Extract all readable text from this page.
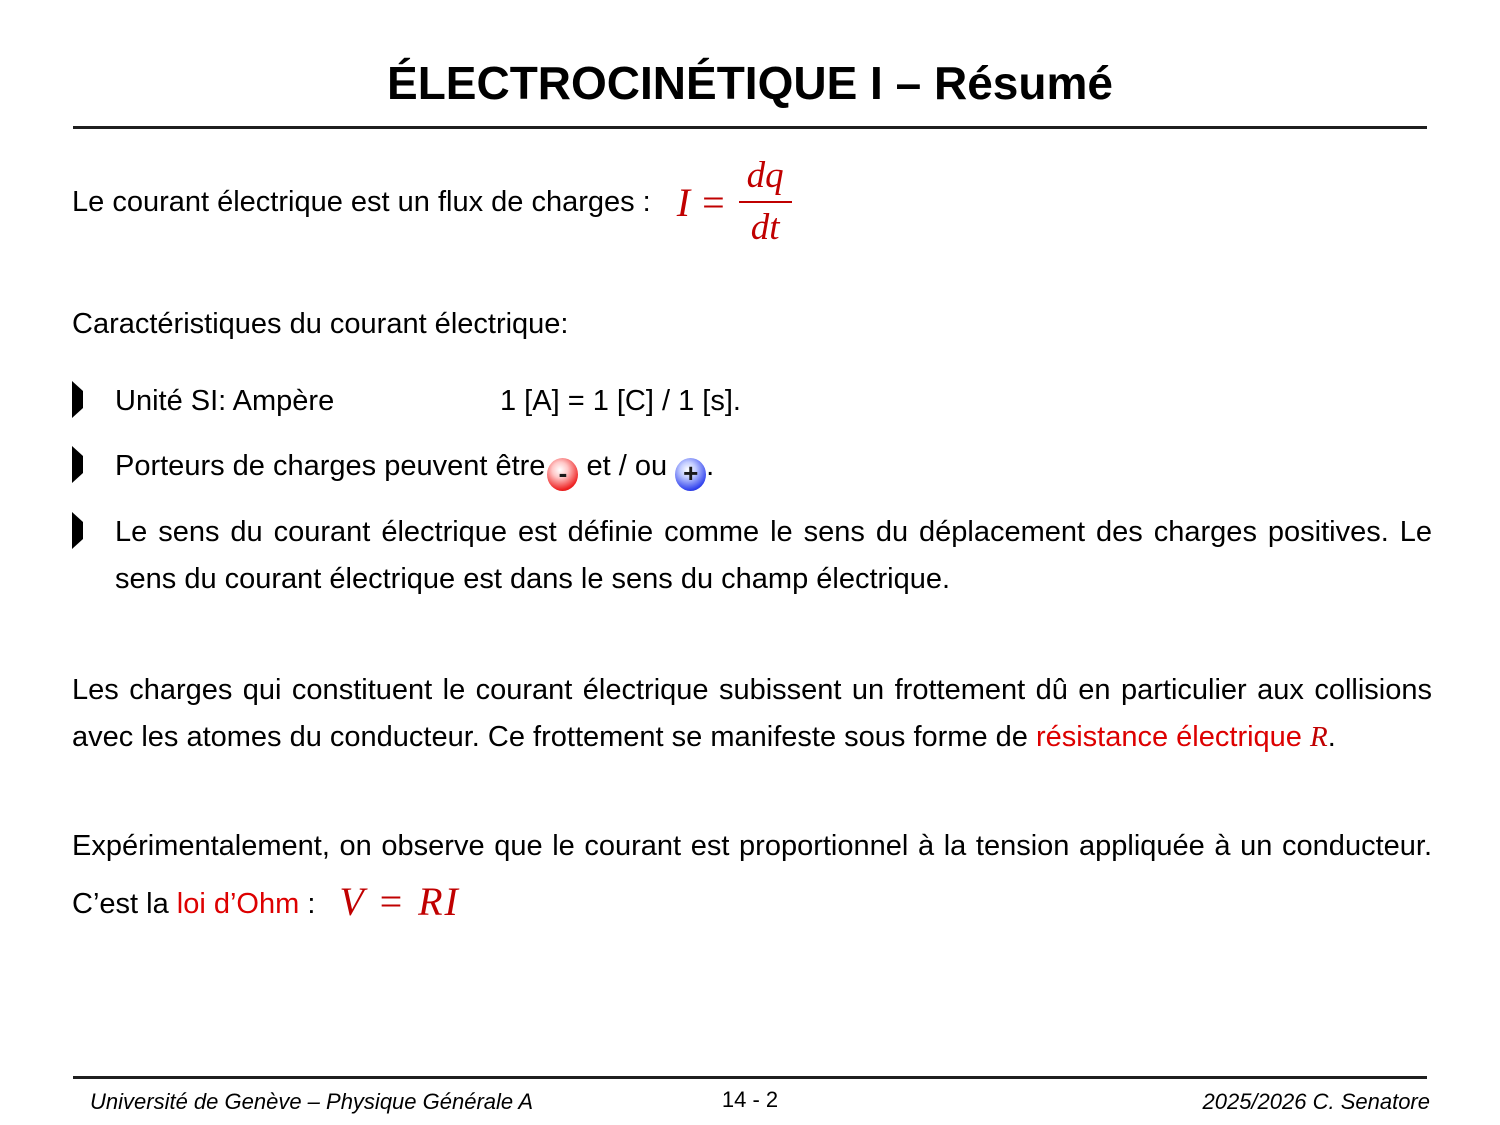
ÉLECTROCINÉTIQUE I – Résumé
Le courant électrique est un flux de charges : $I = \frac{dq}{dt}$
Caractéristiques du courant électrique:
Unité SI: Ampère	1 [A] = 1 [C] / 1 [s].
Porteurs de charges peuvent être - et / ou + .
Le sens du courant électrique est définie comme le sens du déplacement des charges positives. Le sens du courant électrique est dans le sens du champ électrique.
Les charges qui constituent le courant électrique subissent un frottement dû en particulier aux collisions avec les atomes du conducteur. Ce frottement se manifeste sous forme de résistance électrique R.
Expérimentalement, on observe que le courant est proportionnel à la tension appliquée à un conducteur. C’est la loi d’Ohm : V = RI
Université de Genève – Physique Générale A	14 - 2	2025/2026 C. Senatore
